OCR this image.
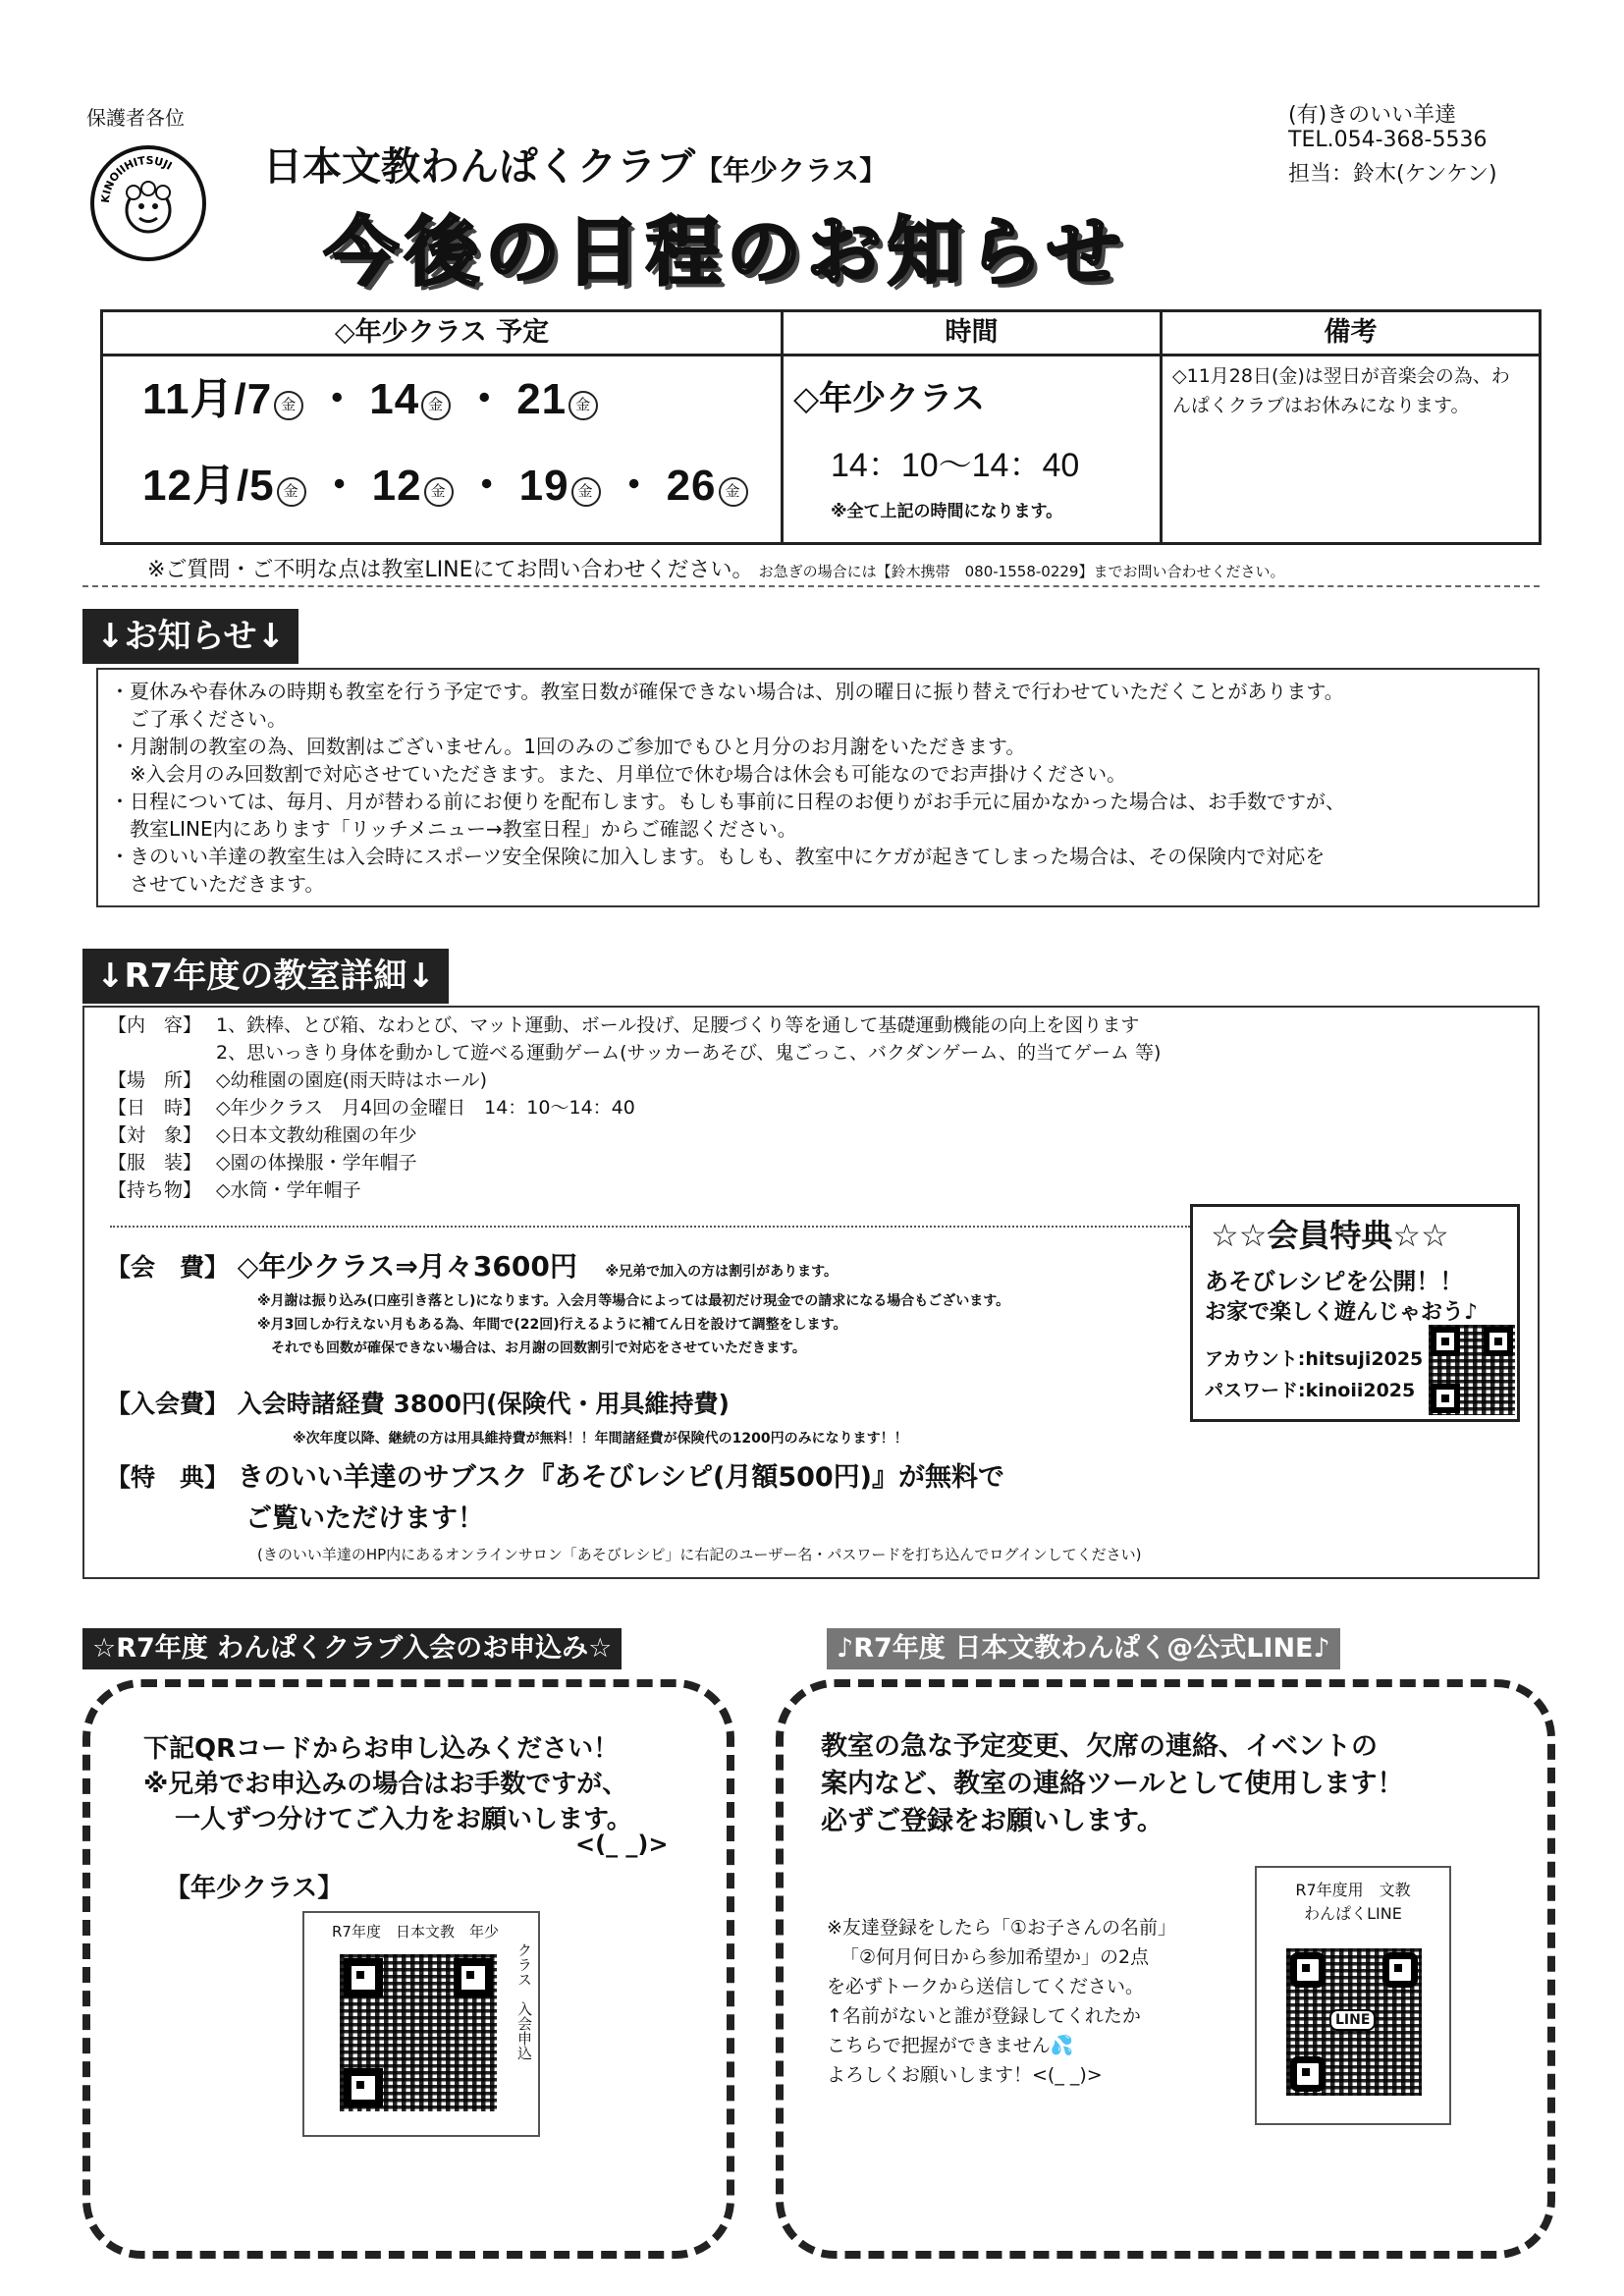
保護者各位
KINOIIHITSUJI 日本文教わんぱくクラブ【年少クラス】
今後の日程のお知らせ
(有)きのいい羊達
TEL.054-368-5536
担当：鈴木(ケンケン)
◇年少クラス 予定
11月/7 金 ・ 14 金 ・ 21 金
12月/5 金 ・ 12 金 ・ 19 金 ・ 26 金
時間
◇年少クラス
14：10〜14：40
※全て上記の時間になります。
備考
◇11月28日(金)は翌日が音楽会の為、わんぱくクラブはお休みになります。
※ご質問・ご不明な点は教室LINEにてお問い合わせください。 お急ぎの場合には【鈴木携帯　080-1558-0229】までお問い合わせください。
↓お知らせ↓
・夏休みや春休みの時期も教室を行う予定です。教室日数が確保できない場合は、別の曜日に振り替えで行わせていただくことがあります。
　ご了承ください。
・月謝制の教室の為、回数割はございません。1回のみのご参加でもひと月分のお月謝をいただきます。
　※入会月のみ回数割で対応させていただきます。また、月単位で休む場合は休会も可能なのでお声掛けください。
・日程については、毎月、月が替わる前にお便りを配布します。もしも事前に日程のお便りがお手元に届かなかった場合は、お手数ですが、
　教室LINE内にあります「リッチメニュー→教室日程」からご確認ください。
・きのいい羊達の教室生は入会時にスポーツ安全保険に加入します。もしも、教室中にケガが起きてしまった場合は、その保険内で対応を
　させていただきます。
↓R7年度の教室詳細↓
【内　容】 1、鉄棒、とび箱、なわとび、マット運動、ボール投げ、足腰づくり等を通して基礎運動機能の向上を図ります
2、思いっきり身体を動かして遊べる運動ゲーム(サッカーあそび、鬼ごっこ、バクダンゲーム、的当てゲーム 等)
【場　所】 ◇幼稚園の園庭(雨天時はホール)
【日　時】 ◇年少クラス　月4回の金曜日　14：10〜14：40
【対　象】 ◇日本文教幼稚園の年少
【服　装】 ◇園の体操服・学年帽子
【持ち物】 ◇水筒・学年帽子
【会　費】 ◇年少クラス⇒月々3600円 ※兄弟で加入の方は割引があります。
※月謝は振り込み(口座引き落とし)になります。入会月等場合によっては最初だけ現金での請求になる場合もございます。
※月3回しか行えない月もある為、年間で(22回)行えるように補てん日を設けて調整をします。
　それでも回数が確保できない場合は、お月謝の回数割引で対応をさせていただきます。
【入会費】 入会時諸経費 3800円(保険代・用具維持費)
※次年度以降、継続の方は用具維持費が無料！！年間諸経費が保険代の1200円のみになります！！
【特　典】 きのいい羊達のサブスク『あそびレシピ(月額500円)』が無料で
ご覧いただけます！
(きのいい羊達のHP内にあるオンラインサロン「あそびレシピ」に右記のユーザー名・パスワードを打ち込んでログインしてください)
☆☆会員特典☆☆
あそびレシピを公開！！
お家で楽しく遊んじゃおう♪
アカウント:hitsuji2025
パスワード:kinoii2025
☆R7年度 わんぱくクラブ入会のお申込み☆
下記QRコードからお申し込みください！
※兄弟でお申込みの場合はお手数ですが、
一人ずつ分けてご入力をお願いします。
<(_ _)>
【年少クラス】
R7年度　日本文教　年少
クラス　入会申込
♪R7年度 日本文教わんぱく@公式LINE♪
教室の急な予定変更、欠席の連絡、イベントの
案内など、教室の連絡ツールとして使用します！
必ずご登録をお願いします。
※友達登録をしたら「①お子さんの名前」
「②何月何日から参加希望か」の2点
を必ずトークから送信してください。
↑名前がないと誰が登録してくれたか
こちらで把握ができません💦
よろしくお願いします！<(_ _)>
R7年度用　文教
わんぱくLINE
LINE
